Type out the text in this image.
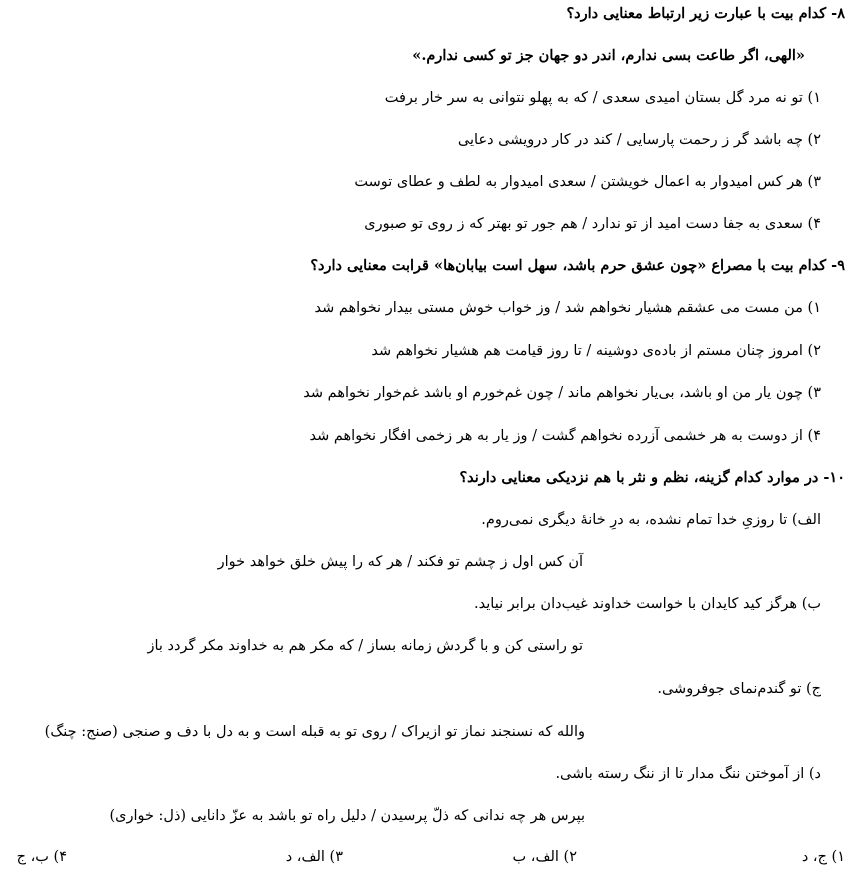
۸- کدام بیت با عبارت زیر ارتباط معنایی دارد؟
«الهی، اگر طاعت بسی ندارم، اندر دو جهان جز تو کسی ندارم.»
۱) تو نه مرد گل بستان امیدی سعدی / که به پهلو نتوانی به سر خار برفت
۲) چه باشد گر ز رحمت پارسایی / کند در کار درویشی دعایی
۳) هر کس امیدوار به اعمال خویشتن / سعدی امیدوار به لطف و عطای توست
۴) سعدی به جفا دست امید از تو ندارد / هم جور تو بهتر که ز روی تو صبوری
۹- کدام بیت با مصراع «چون عشق حرم باشد، سهل است بیابان‌ها» قرابت معنایی دارد؟
۱) من مست می عشقم هشیار نخواهم شد / وز خواب خوش مستی بیدار نخواهم شد
۲) امروز چنان مستم از باده‌ی دوشینه / تا روز قیامت هم هشیار نخواهم شد
۳) چون یار من او باشد، بی‌یار نخواهم ماند / چون غم‌خورم او باشد غم‌خوار نخواهم شد
۴) از دوست به هر خشمی آزرده نخواهم گشت / وز یار به هر زخمی افگار نخواهم شد
۱۰- در موارد کدام گزینه، نظم و نثر با هم نزدیکی معنایی دارند؟
الف) تا روزیِ خدا تمام نشده، به درِ خانهٔ دیگری نمی‌روم.
آن کس اول ز چشم تو فکند / هر که را پیش خلق خواهد خوار
ب) هرگز کید کایدان با خواست خداوند غیب‌دان برابر نیاید.
تو راستی کن و با گردش زمانه بساز / که مکر هم به خداوند مکر گردد باز
ج) تو گندم‌نمای جوفروشی.
والله که نسنجند نماز تو ازیراک / روی تو به قبله است و به دل با دف و صنجی (صنج: چنگ)
د) از آموختن ننگ مدار تا از ننگ رسته باشی.
بپرس هر چه ندانی که ذلّ پرسیدن / دلیل راه تو باشد به عزّ دانایی (ذل: خواری)
۱) ج، د
۲) الف، ب
۳) الف، د
۴) ب، ج
